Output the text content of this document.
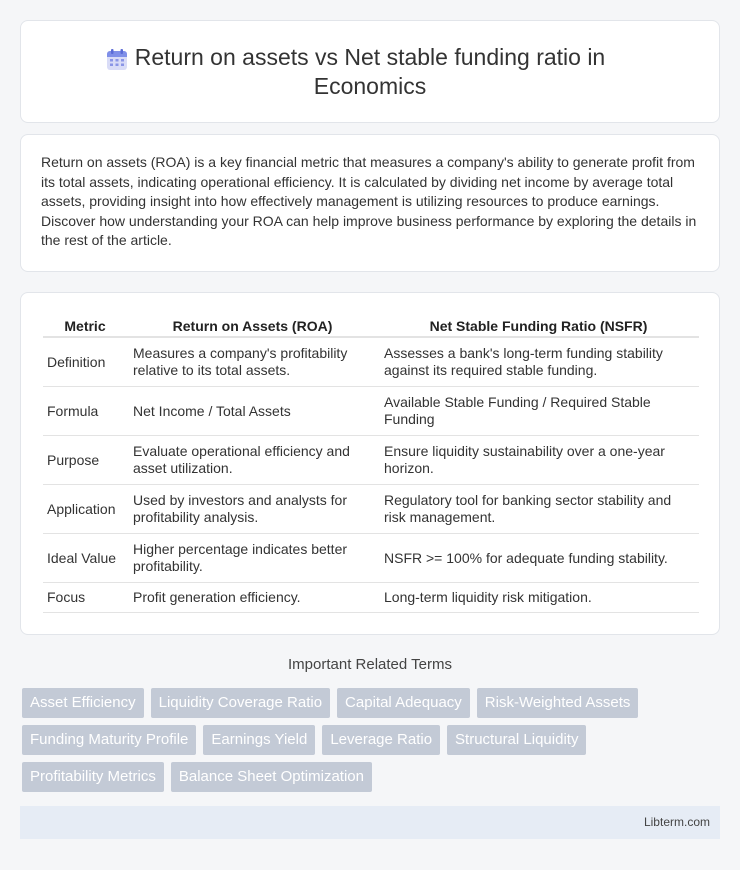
Return on assets vs Net stable funding ratio in Economics

Return on assets (ROA) is a key financial metric that measures a company's ability to generate profit from its total assets, indicating operational efficiency. It is calculated by dividing net income by average total assets, providing insight into how effectively management is utilizing resources to produce earnings. Discover how understanding your ROA can help improve business performance by exploring the details in the rest of the article.

Metric	Return on Assets (ROA)	Net Stable Funding Ratio (NSFR)
Definition	Measures a company's profitability relative to its total assets.	Assesses a bank's long-term funding stability against its required stable funding.
Formula	Net Income / Total Assets	Available Stable Funding / Required Stable Funding
Purpose	Evaluate operational efficiency and asset utilization.	Ensure liquidity sustainability over a one-year horizon.
Application	Used by investors and analysts for profitability analysis.	Regulatory tool for banking sector stability and risk management.
Ideal Value	Higher percentage indicates better profitability.	NSFR >= 100% for adequate funding stability.
Focus	Profit generation efficiency.	Long-term liquidity risk mitigation.
Important Related Terms
Asset Efficiency	Liquidity Coverage Ratio	Capital Adequacy	Risk-Weighted Assets
Funding Maturity Profile	Earnings Yield	Leverage Ratio	Structural Liquidity
Profitability Metrics	Balance Sheet Optimization
Libterm.com
